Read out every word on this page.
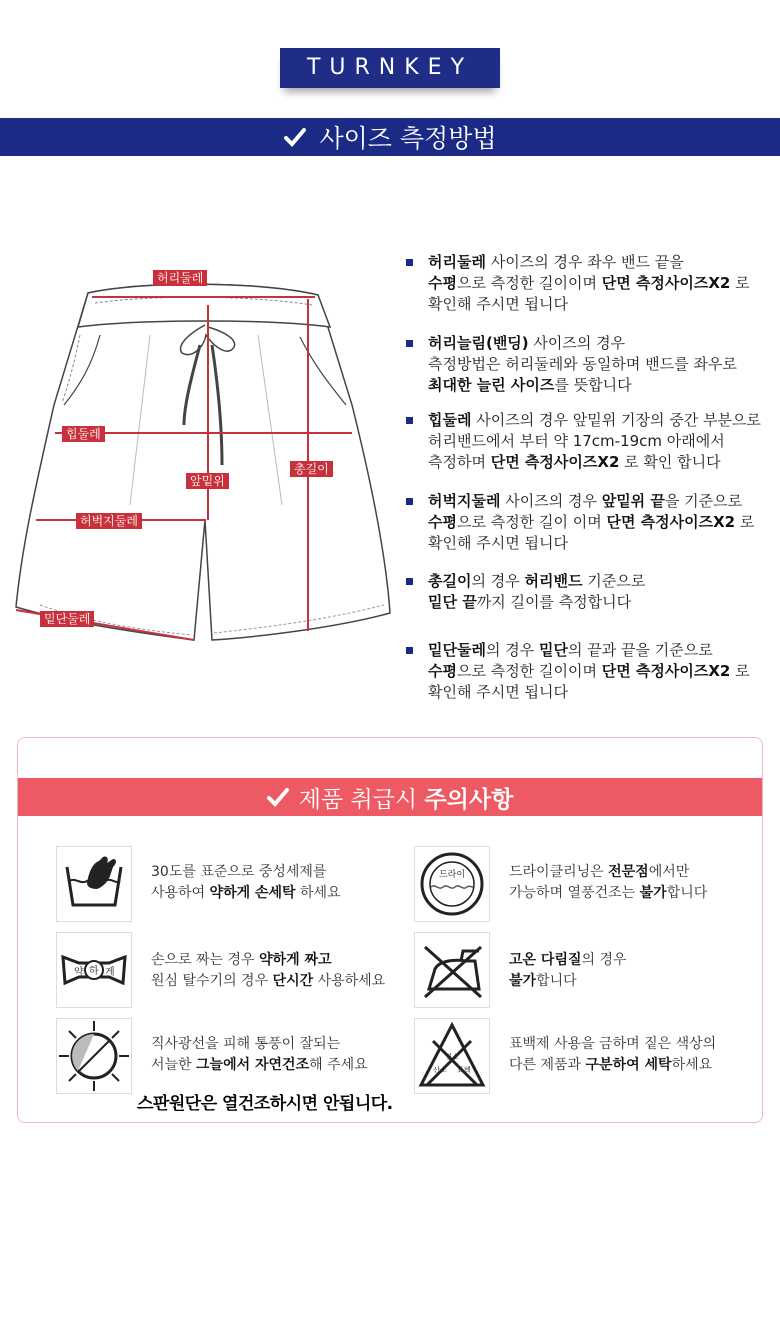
TURNKEY
사이즈 측정방법
허리둘레
힙둘레
앞밑위
총길이
허벅지둘레
밑단둘레
허리둘레 사이즈의 경우 좌우 밴드 끝을
수평으로 측정한 길이이며 단면 측정사이즈X2 로
확인해 주시면 됩니다
허리늘림(밴딩) 사이즈의 경우
측정방법은 허리둘레와 동일하며 밴드를 좌우로
최대한 늘린 사이즈를 뜻합니다
힙둘레 사이즈의 경우 앞밑위 기장의 중간 부분으로
허리밴드에서 부터 약 17cm-19cm 아래에서
측정하며 단면 측정사이즈X2 로 확인 합니다
허벅지둘레 사이즈의 경우 앞밑위 끝을 기준으로
수평으로 측정한 길이 이며 단면 측정사이즈X2 로
확인해 주시면 됩니다
총길이의 경우 허리밴드 기준으로
밑단 끝까지 길이를 측정합니다
밑단둘레의 경우 밑단의 끝과 끝을 기준으로
수평으로 측정한 길이이며 단면 측정사이즈X2 로
확인해 주시면 됩니다
제품 취급시 주의사항
30도를 표준으로 중성세제를
사용하여 약하게 손세탁 하세요
드라이	드라이클리닝은 전문점에서만
가능하며 열풍건조는 불가합니다
약 하 게
손으로 짜는 경우 약하게 짜고
원심 탈수기의 경우 단시간 사용하세요
고온 다림질의 경우
불가합니다
직사광선을 피해 통풍이 잘되는
서늘한 그늘에서 자연건조해 주세요	염소
산소 표백
표백제 사용을 금하며 짙은 색상의
다른 제품과 구분하여 세탁하세요
스판원단은 열건조하시면 안됩니다.
